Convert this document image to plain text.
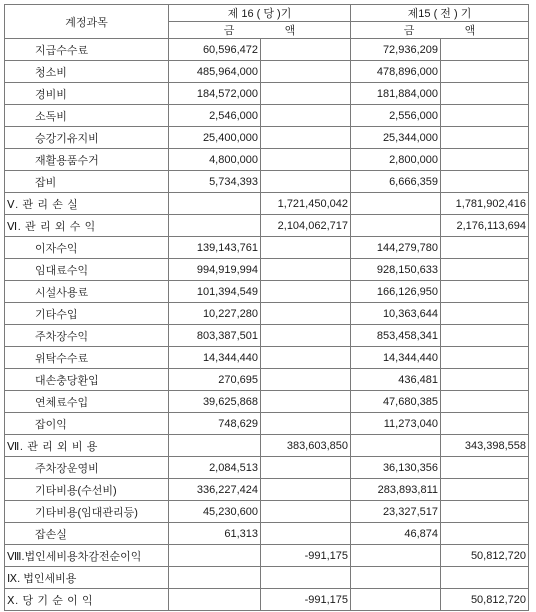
계정과목	제 16 ( 당 )기		제15 ( 전 ) 기	
	금 액		금 액	
지급수수료	60,596,472		72,936,209	
청소비	485,964,000		478,896,000	
경비비	184,572,000		181,884,000	
소독비	2,546,000		2,556,000	
승강기유지비	25,400,000		25,344,000	
재활용품수거	4,800,000		2,800,000	
잡비	5,734,393		6,666,359	
Ⅴ. 관 리 손 실		1,721,450,042		1,781,902,416
Ⅵ. 관 리 외 수 익		2,104,062,717		2,176,113,694
이자수익	139,143,761		144,279,780	
임대료수익	994,919,994		928,150,633	
시설사용료	101,394,549		166,126,950	
기타수입	10,227,280		10,363,644	
주차장수익	803,387,501		853,458,341	
위탁수수료	14,344,440		14,344,440	
대손충당환입	270,695		436,481	
연체료수입	39,625,868		47,680,385	
잡이익	748,629		11,273,040	
Ⅶ. 관 리 외 비 용		383,603,850		343,398,558
주차장운영비	2,084,513		36,130,356	
기타비용(수선비)	336,227,424		283,893,811	
기타비용(임대관리등)	45,230,600		23,327,517	
잡손실	61,313		46,874	
Ⅷ.법인세비용차감전순이익		-991,175		50,812,720
Ⅸ. 법인세비용				
Ⅹ. 당 기 순 이 익		-991,175		50,812,720
